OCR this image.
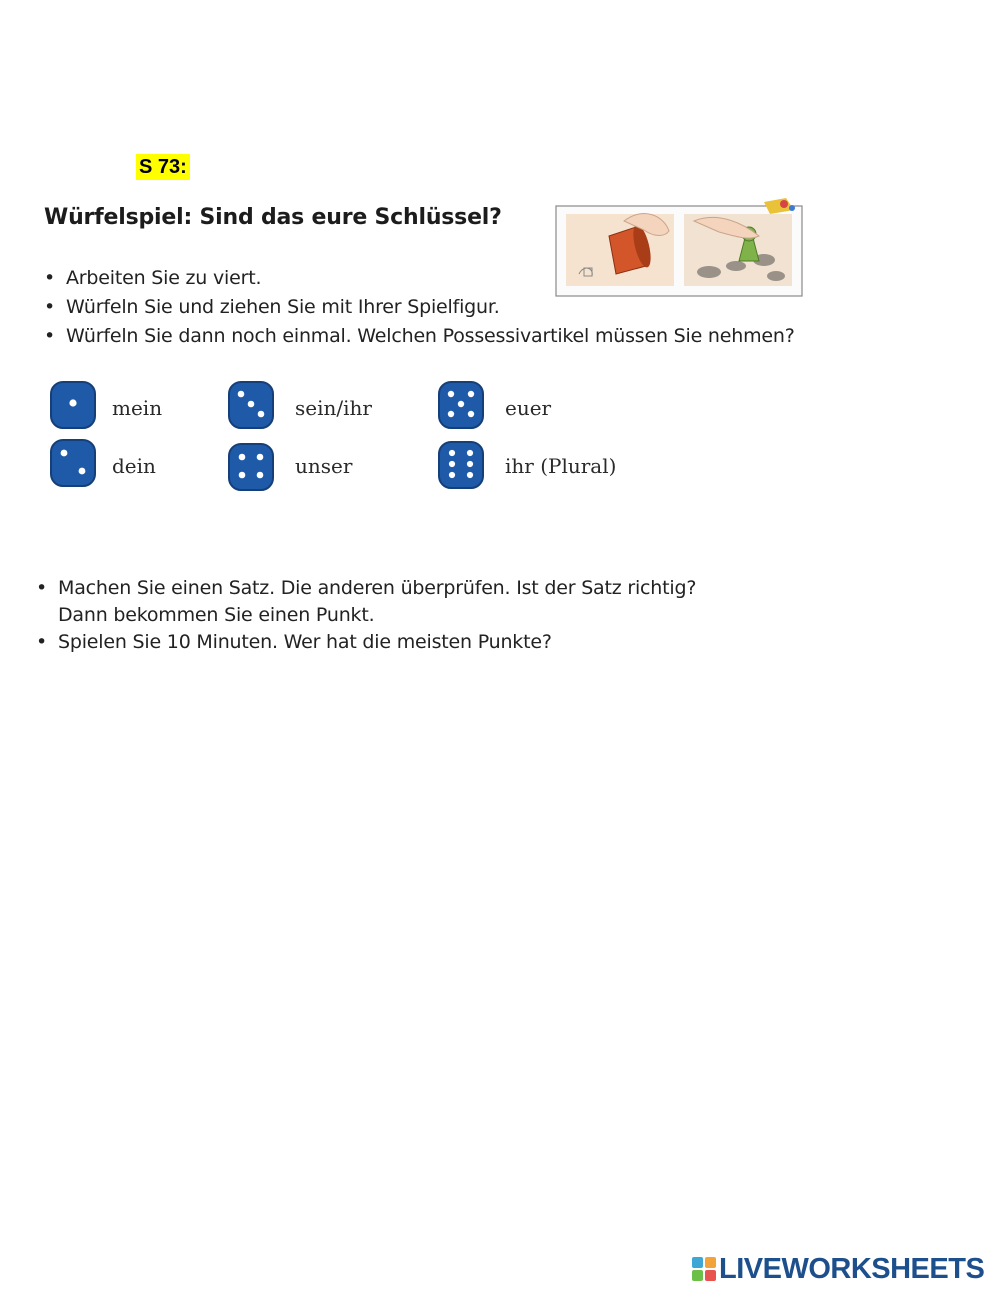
S 73:
Würfelspiel: Sind das eure Schlüssel?
• Arbeiten Sie zu viert.
• Würfeln Sie und ziehen Sie mit Ihrer Spielfigur.
• Würfeln Sie dann noch einmal. Welchen Possessivartikel müssen Sie nehmen?
mein
dein
sein/ihr
unser
euer
ihr (Plural)
• Machen Sie einen Satz. Die anderen überprüfen. Ist der Satz richtig?
Dann bekommen Sie einen Punkt.
• Spielen Sie 10 Minuten. Wer hat die meisten Punkte?
LIVEWORKSHEETS
